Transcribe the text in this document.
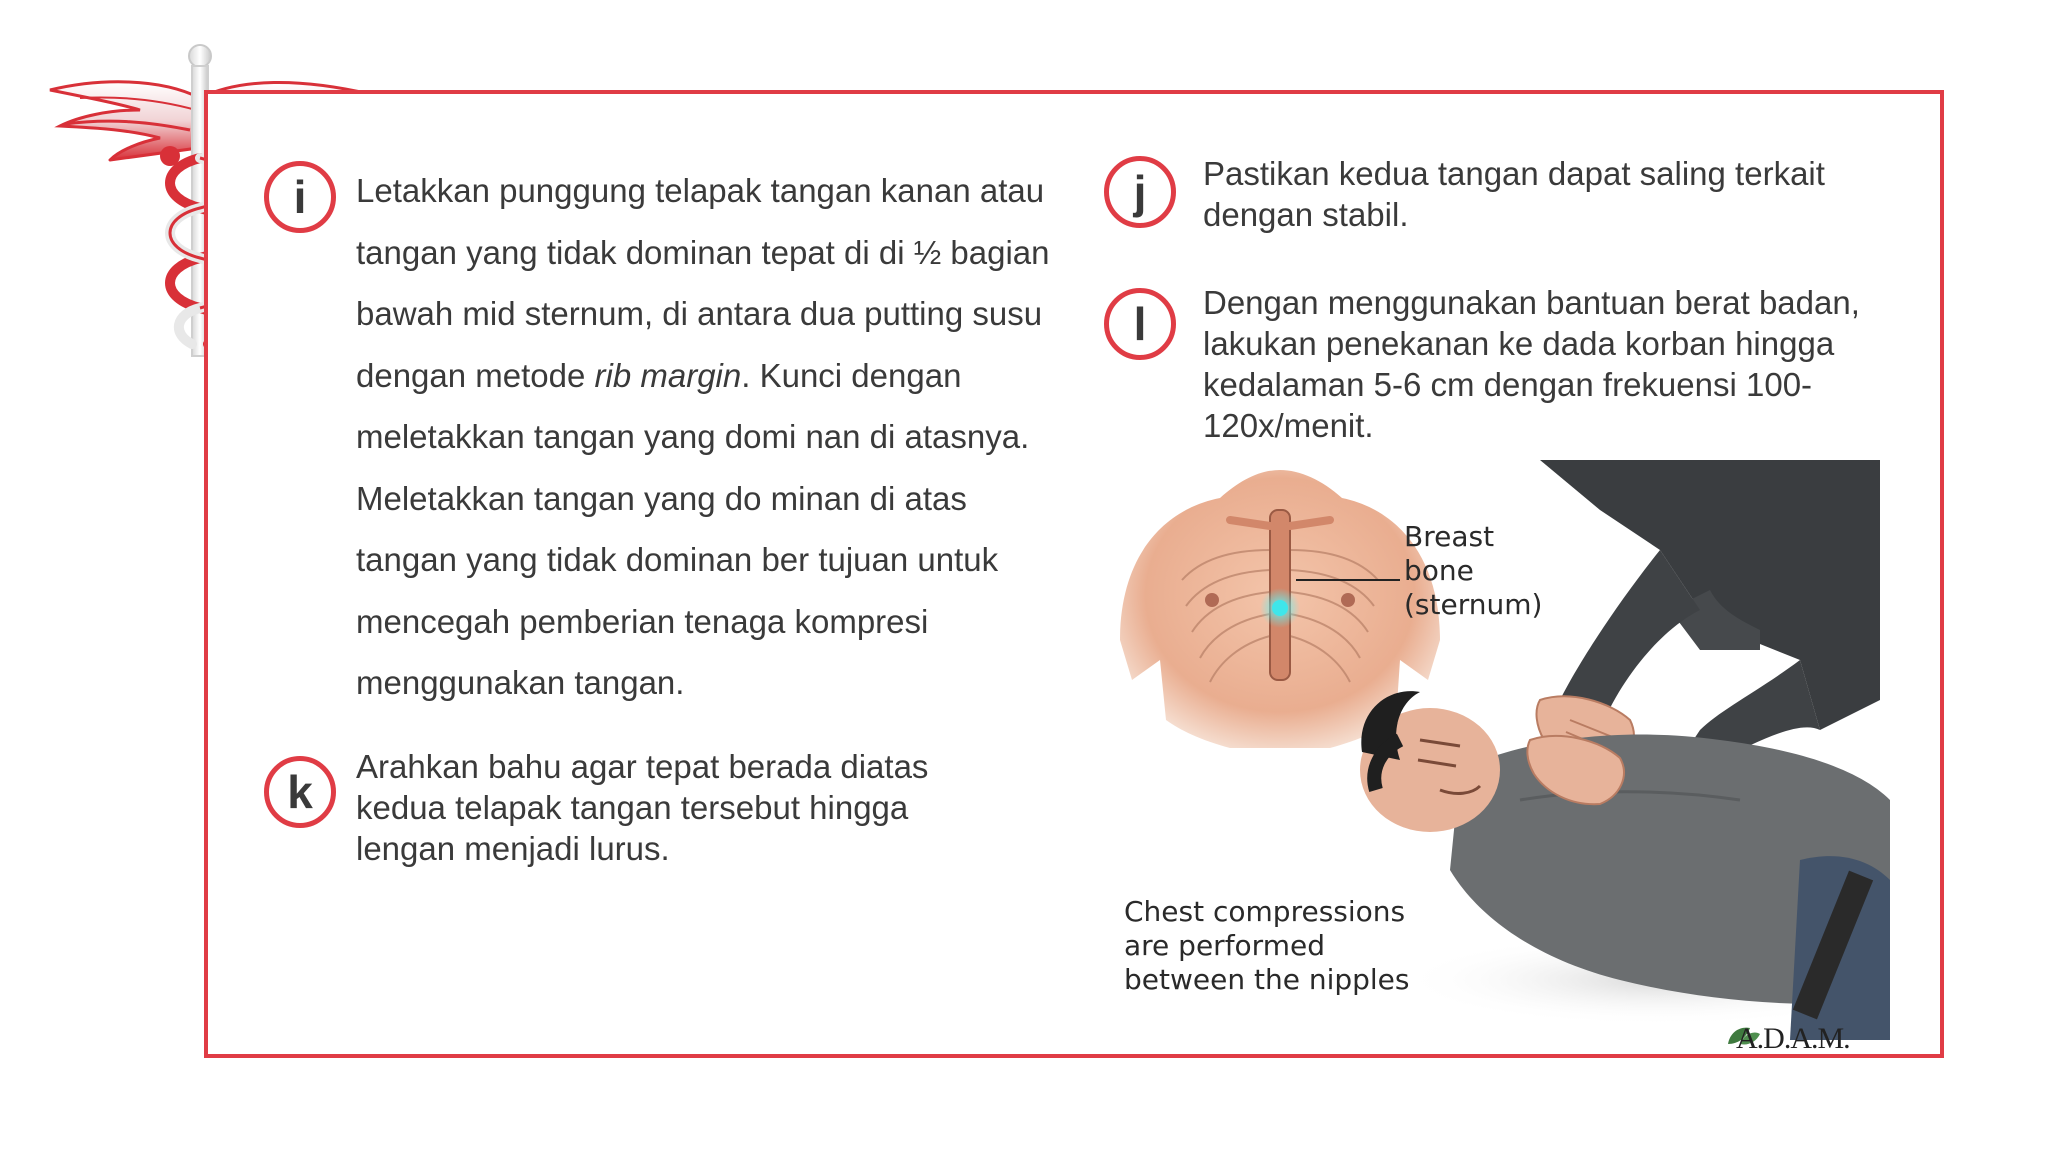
i Letakkan punggung telapak tangan kanan atau tangan yang tidak dominan tepat di di ½ bagian bawah mid sternum, di antara dua putting susu dengan metode rib margin. Kunci dengan meletakkan tangan yang domi nan di atasnya. Meletakkan tangan yang do minan di atas tangan yang tidak dominan ber tujuan untuk mencegah pemberian tenaga kompresi menggunakan tangan.
k Arahkan bahu agar tepat berada diatas kedua telapak tangan tersebut hingga lengan menjadi lurus.
j Pastikan kedua tangan dapat saling terkait dengan stabil.
l Dengan menggunakan bantuan berat badan, lakukan penekanan ke dada korban hingga kedalaman 5-6 cm dengan frekuensi 100-120x/menit.
Breast
bone
(sternum)
Chest compressions
are performed
between the nipples
A.D.A.M.
